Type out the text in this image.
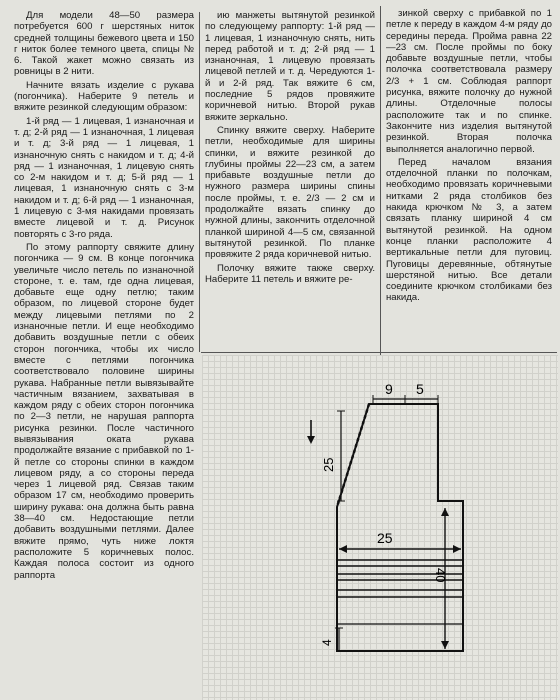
Для модели 48—50 размера потребуется 600 г шерстяных ниток средней толщины бежевого цвета и 150 г ниток более темного цвета, спицы № 6. Такой жакет можно связать из ровницы в 2 нити.

Начните вязать изделие с рукава (погончика). Наберите 9 петель и вяжите резинкой следующим образом:

1-й ряд — 1 лицевая, 1 изнаночная и т. д; 2-й ряд — 1 изнаночная, 1 лицевая и т. д; 3-й ряд — 1 лицевая, 1 изнаночную снять с накидом и т. д; 4-й ряд — 1 изнаночная, 1 лицевую снять со 2-м накидом и т. д; 5-й ряд — 1 лицевая, 1 изнаночную снять с 3-м накидом и т. д; 6-й ряд — 1 изнаночная, 1 лицевую с 3-мя накидами провязать вместе лицевой и т. д. Рисунок повторять с 3-го ряда.

По этому раппорту свяжите длину погончика — 9 см. В конце погончика увеличьте число петель по изнаночной стороне, т. е. там, где одна лицевая, добавьте еще одну петлю; таким образом, по лицевой стороне будет между лицевыми петлями по 2 изнаночные петли. И еще необходимо добавить воздушные петли с обеих сторон погончика, чтобы их число вместе с петлями погончика соответствовало половине ширины рукава. Набранные петли вывязывайте частичным вязанием, захватывая в каждом ряду с обеих сторон погончика по 2—3 петли, не нарушая раппорта рисунка резинки. После частичного вывязывания оката рукава продолжайте вязание с прибавкой по 1-й петле со стороны спинки в каждом лицевом ряду, а со стороны переда через 1 лицевой ряд. Связав таким образом 17 см, необходимо проверить ширину рукава: она должна быть равна 38—40 см. Недостающие петли добавить воздушными петлями. Далее вяжите прямо, чуть ниже локтя расположите 5 коричневых полос. Каждая полоса состоит из одного раппорта

ию манжеты вытянутой резинкой по следующему раппорту: 1-й ряд — 1 лицевая, 1 изнаночную снять, нить перед работой и т. д; 2-й ряд — 1 изнаночная, 1 лицевую провязать лицевой петлей и т. д. Чередуются 1-й и 2-й ряд. Так вяжите 6 см, последние 5 рядов провяжите коричневой нитью. Второй рукав вяжите зеркально.

Спинку вяжите сверху. Наберите петли, необходимые для ширины спинки, и вяжите резинкой до глубины проймы 22—23 см, а затем прибавьте воздушные петли до нужного размера ширины спины после проймы, т. е. 2/3 — 2 см и продолжайте вязать спинку до нужной длины, закончить отделочной планкой шириной 4—5 см, связанной вытянутой резинкой. По планке провяжите 2 ряда коричневой нитью.

Полочку вяжите также сверху. Наберите 11 петель и вяжите ре-

зинкой сверху с прибавкой по 1 петле к переду в каждом 4-м ряду до середины переда. Пройма равна 22—23 см. После проймы по боку добавьте воздушные петли, чтобы полочка соответствовала размеру 2/3 + 1 см. Соблюдая раппорт рисунка, вяжите полочку до нужной длины. Отделочные полосы расположите так и по спинке. Закончите низ изделия вытянутой резинкой. Вторая полочка выполняется аналогично первой.

Перед началом вязания отделочной планки по полочкам, необходимо провязать коричневыми нитками 2 ряда столбиков без накида крючком № 3, а затем связать планку шириной 4 см вытянутой резинкой. На одном конце планки расположите 4 вертикальные петли для пуговиц. Пуговицы деревянные, обтянутые шерстяной нитью. Все детали соедините крючком столбиками без накида.

9 5
25
25
40
4
